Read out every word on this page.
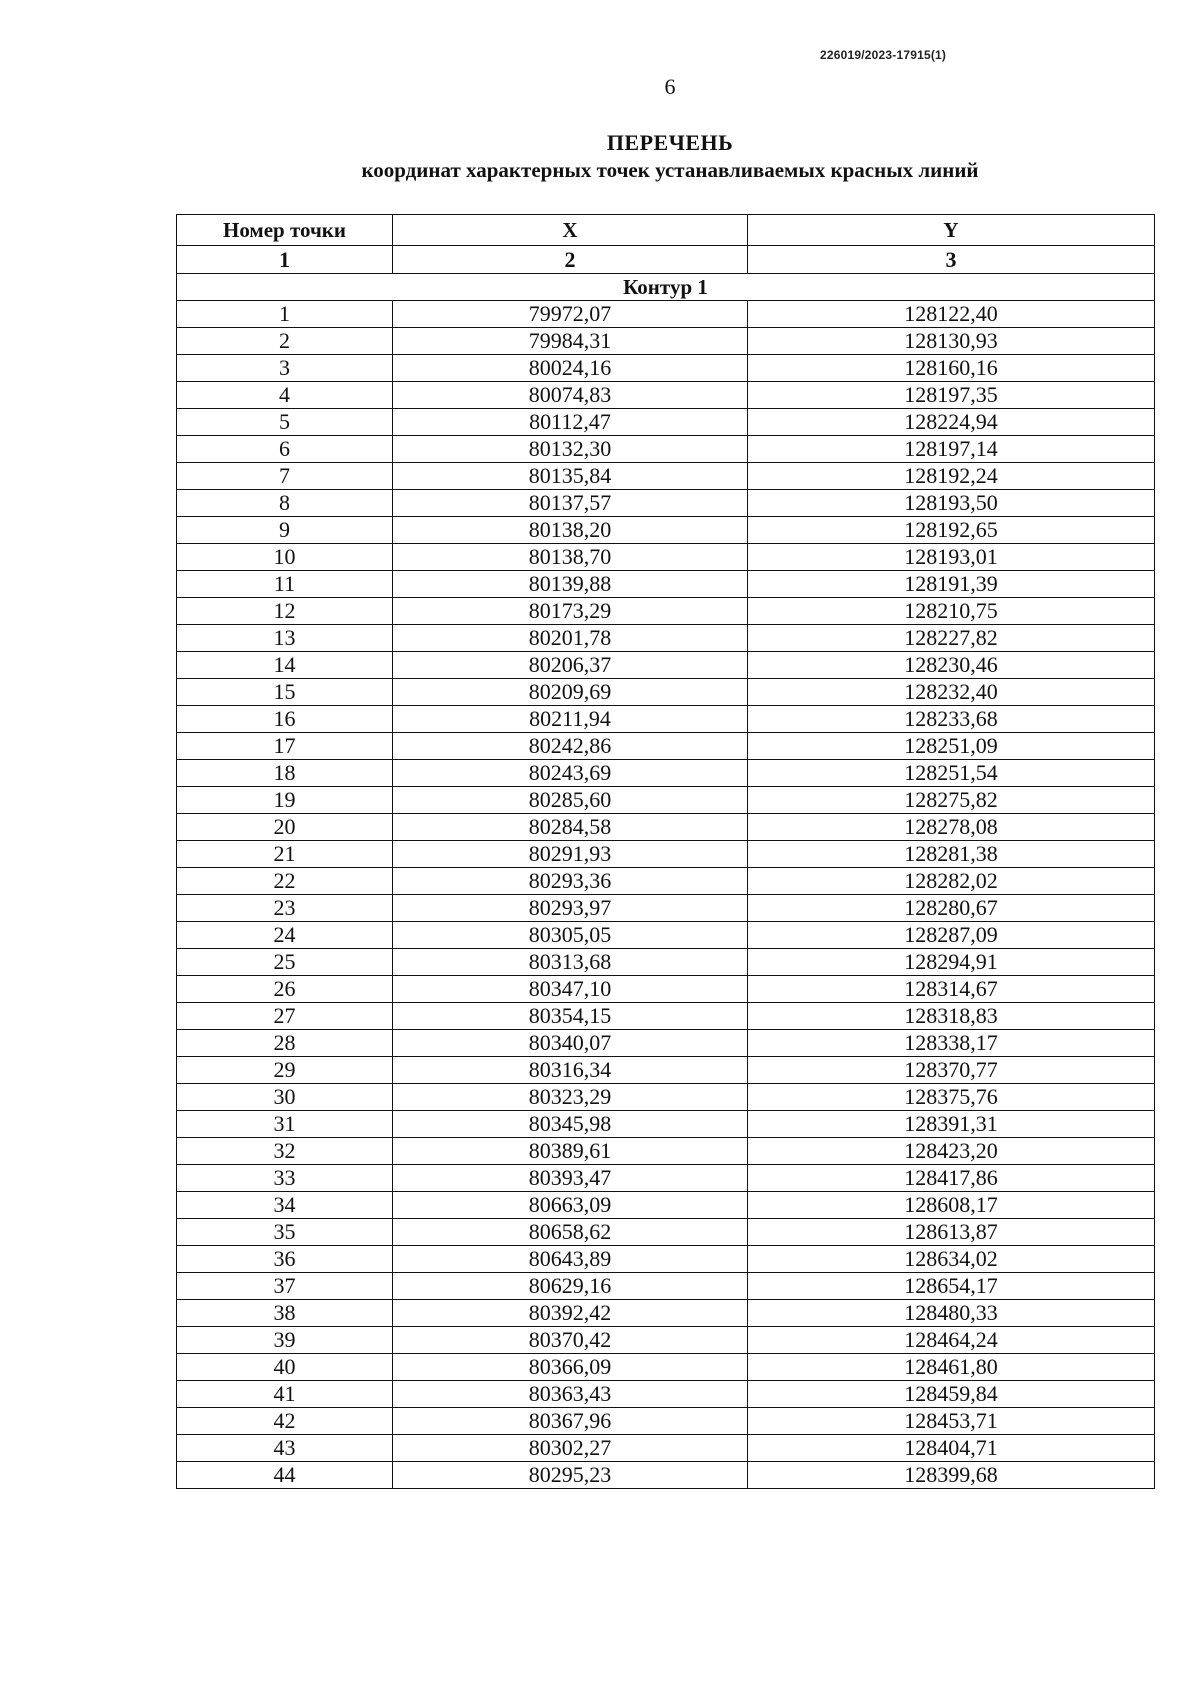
226019/2023-17915(1)
6
ПЕРЕЧЕНЬ
координат характерных точек устанавливаемых красных линий
Номер точки	X	Y
1	2	3
Контур 1		
1	79972,07	128122,40
2	79984,31	128130,93
3	80024,16	128160,16
4	80074,83	128197,35
5	80112,47	128224,94
6	80132,30	128197,14
7	80135,84	128192,24
8	80137,57	128193,50
9	80138,20	128192,65
10	80138,70	128193,01
11	80139,88	128191,39
12	80173,29	128210,75
13	80201,78	128227,82
14	80206,37	128230,46
15	80209,69	128232,40
16	80211,94	128233,68
17	80242,86	128251,09
18	80243,69	128251,54
19	80285,60	128275,82
20	80284,58	128278,08
21	80291,93	128281,38
22	80293,36	128282,02
23	80293,97	128280,67
24	80305,05	128287,09
25	80313,68	128294,91
26	80347,10	128314,67
27	80354,15	128318,83
28	80340,07	128338,17
29	80316,34	128370,77
30	80323,29	128375,76
31	80345,98	128391,31
32	80389,61	128423,20
33	80393,47	128417,86
34	80663,09	128608,17
35	80658,62	128613,87
36	80643,89	128634,02
37	80629,16	128654,17
38	80392,42	128480,33
39	80370,42	128464,24
40	80366,09	128461,80
41	80363,43	128459,84
42	80367,96	128453,71
43	80302,27	128404,71
44	80295,23	128399,68
